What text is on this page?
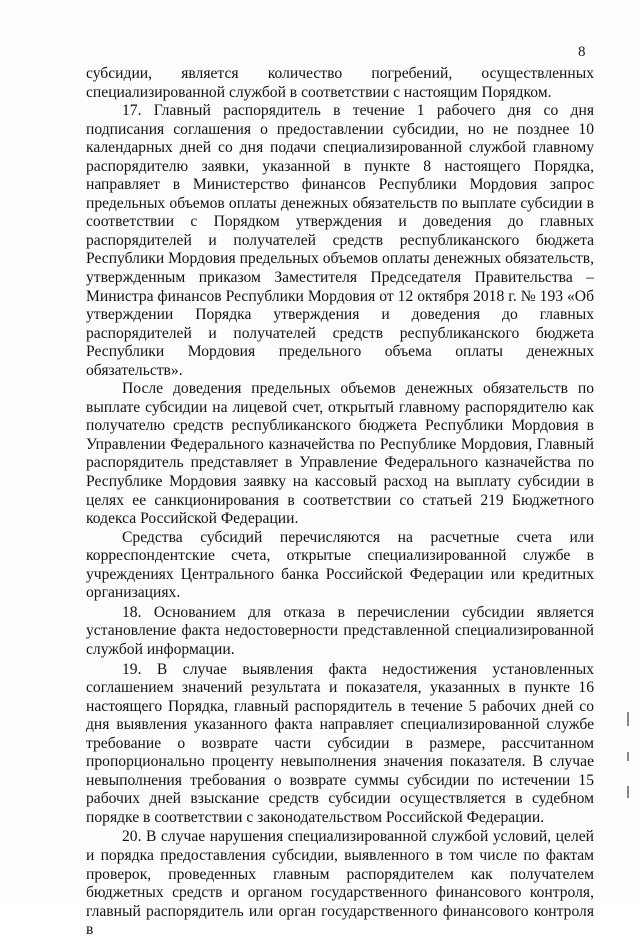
8

субсидии, является количество погребений, осуществленных специализированной службой в соответствии с настоящим Порядком.

17. Главный распорядитель в течение 1 рабочего дня со дня подписания соглашения о предоставлении субсидии, но не позднее 10 календарных дней со дня подачи специализированной службой главному распорядителю заявки, указанной в пункте 8 настоящего Порядка, направляет в Министерство финансов Республики Мордовия запрос предельных объемов оплаты денежных обязательств по выплате субсидии в соответствии с Порядком утверждения и доведения до главных распорядителей и получателей средств республиканского бюджета Республики Мордовия предельных объемов оплаты денежных обязательств, утвержденным приказом Заместителя Председателя Правительства – Министра финансов Республики Мордовия от 12 октября 2018 г. № 193 «Об утверждении Порядка утверждения и доведения до главных распорядителей и получателей средств республиканского бюджета Республики Мордовия предельного объема оплаты денежных обязательств».

После доведения предельных объемов денежных обязательств по выплате субсидии на лицевой счет, открытый главному распорядителю как получателю средств республиканского бюджета Республики Мордовия в Управлении Федерального казначейства по Республике Мордовия, Главный распорядитель представляет в Управление Федерального казначейства по Республике Мордовия заявку на кассовый расход на выплату субсидии в целях ее санкционирования в соответствии со статьей 219 Бюджетного кодекса Российской Федерации.

Средства субсидий перечисляются на расчетные счета или корреспондентские счета, открытые специализированной службе в учреждениях Центрального банка Российской Федерации или кредитных организациях.

18. Основанием для отказа в перечислении субсидии является установление факта недостоверности представленной специализированной службой информации.

19. В случае выявления факта недостижения установленных соглашением значений результата и показателя, указанных в пункте 16 настоящего Порядка, главный распорядитель в течение 5 рабочих дней со дня выявления указанного факта направляет специализированной службе требование о возврате части субсидии в размере, рассчитанном пропорционально проценту невыполнения значения показателя. В случае невыполнения требования о возврате суммы субсидии по истечении 15 рабочих дней взыскание средств субсидии осуществляется в судебном порядке в соответствии с законодательством Российской Федерации.

20. В случае нарушения специализированной службой условий, целей и порядка предоставления субсидии, выявленного в том числе по фактам проверок, проведенных главным распорядителем как получателем бюджетных средств и органом государственного финансового контроля, главный распорядитель или орган государственного финансового контроля в
